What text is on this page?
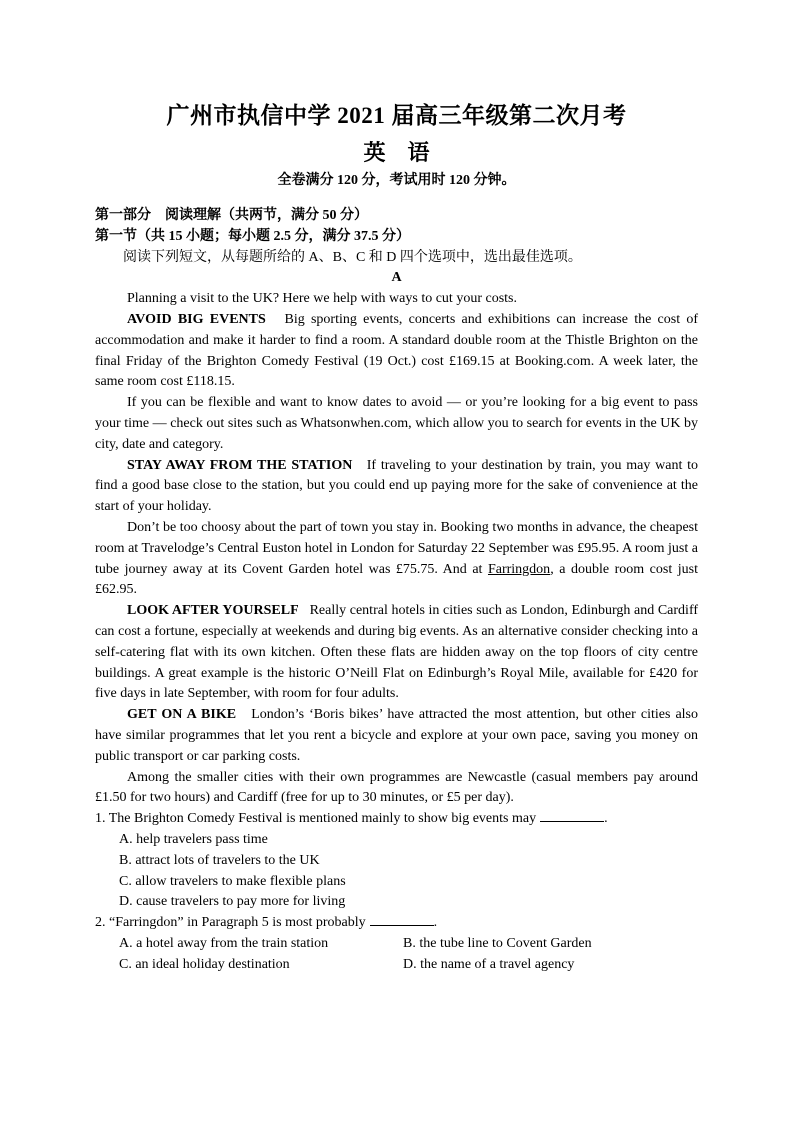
广州市执信中学 2021 届高三年级第二次月考

英　语

全卷满分 120 分，考试用时 120 分钟。

第一部分　阅读理解（共两节，满分 50 分）

第一节（共 15 小题；每小题 2.5 分，满分 37.5 分）

阅读下列短文，从每题所给的 A、B、C 和 D 四个选项中，选出最佳选项。

A

Planning a visit to the UK? Here we help with ways to cut your costs.

AVOID BIG EVENTS Big sporting events, concerts and exhibitions can increase the cost of accommodation and make it harder to find a room. A standard double room at the Thistle Brighton on the final Friday of the Brighton Comedy Festival (19 Oct.) cost £169.15 at Booking.com. A week later, the same room cost £118.15.

If you can be flexible and want to know dates to avoid — or you’re looking for a big event to pass your time — check out sites such as Whatsonwhen.com, which allow you to search for events in the UK by city, date and category.

STAY AWAY FROM THE STATION If traveling to your destination by train, you may want to find a good base close to the station, but you could end up paying more for the sake of convenience at the start of your holiday.

Don’t be too choosy about the part of town you stay in. Booking two months in advance, the cheapest room at Travelodge’s Central Euston hotel in London for Saturday 22 September was £95.95. A room just a tube journey away at its Covent Garden hotel was £75.75. And at Farringdon, a double room cost just £62.95.

LOOK AFTER YOURSELF Really central hotels in cities such as London, Edinburgh and Cardiff can cost a fortune, especially at weekends and during big events. As an alternative consider checking into a self-catering flat with its own kitchen. Often these flats are hidden away on the top floors of city centre buildings. A great example is the historic O’Neill Flat on Edinburgh’s Royal Mile, available for £420 for five days in late September, with room for four adults.

GET ON A BIKE London’s ‘Boris bikes’ have attracted the most attention, but other cities also have similar programmes that let you rent a bicycle and explore at your own pace, saving you money on public transport or car parking costs.

Among the smaller cities with their own programmes are Newcastle (casual members pay around £1.50 for two hours) and Cardiff (free for up to 30 minutes, or £5 per day).

1. The Brighton Comedy Festival is mentioned mainly to show big events may	.

A. help travelers pass time

B. attract lots of travelers to the UK

C. allow travelers to make flexible plans

D. cause travelers to pay more for living

2. “Farringdon” in Paragraph 5 is most probably	.

A. a hotel away from the train station	B. the tube line to Covent Garden
C. an ideal holiday destination	D. the name of a travel agency
